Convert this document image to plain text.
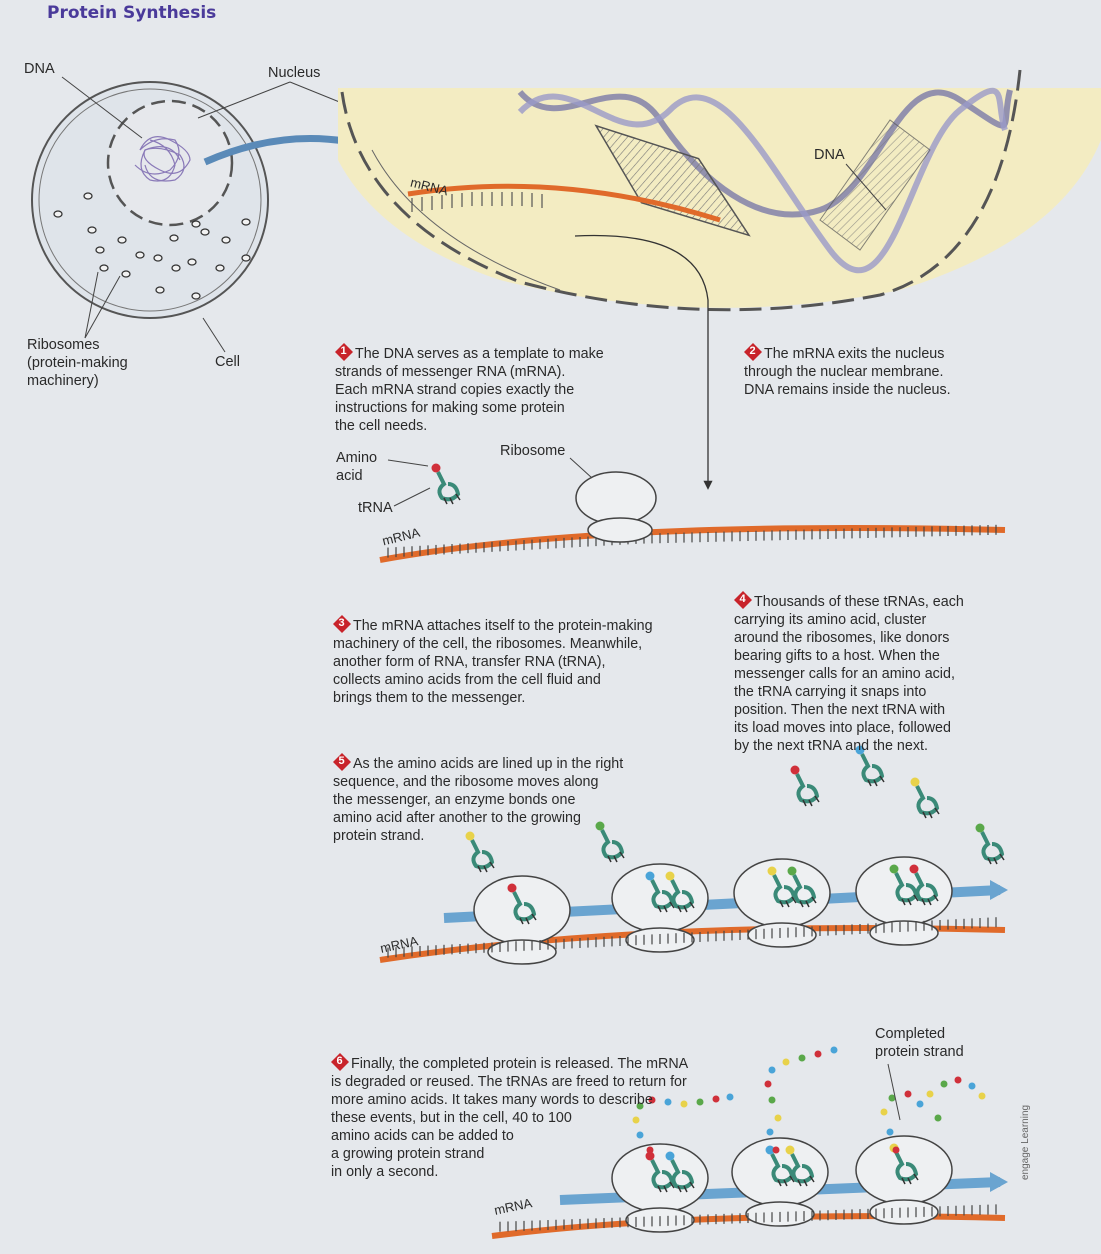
Protein Synthesis
DNA	Nucleus
Ribosomes
(protein-making
machinery)
Cell
mRNA
DNA
Amino
acid
tRNA
Ribosome
mRNA
mRNA
mRNA
Completed
protein strand

1 The DNA serves as a template to make
strands of messenger RNA (mRNA).
Each mRNA strand copies exactly the
instructions for making some protein
the cell needs.

2 The mRNA exits the nucleus
through the nuclear membrane.
DNA remains inside the nucleus.

3 The mRNA attaches itself to the protein-making
machinery of the cell, the ribosomes. Meanwhile,
another form of RNA, transfer RNA (tRNA),
collects amino acids from the cell fluid and
brings them to the messenger.

4 Thousands of these tRNAs, each
carrying its amino acid, cluster
around the ribosomes, like donors
bearing gifts to a host. When the
messenger calls for an amino acid,
the tRNA carrying it snaps into
position. Then the next tRNA with
its load moves into place, followed
by the next tRNA and the next.

5 As the amino acids are lined up in the right
sequence, and the ribosome moves along
the messenger, an enzyme bonds one
amino acid after another to the growing
protein strand.

6 Finally, the completed protein is released. The mRNA
is degraded or reused. The tRNAs are freed to return for
more amino acids. It takes many words to describe
these events, but in the cell, 40 to 100
amino acids can be added to
a growing protein strand
in only a second.	engage Learning
